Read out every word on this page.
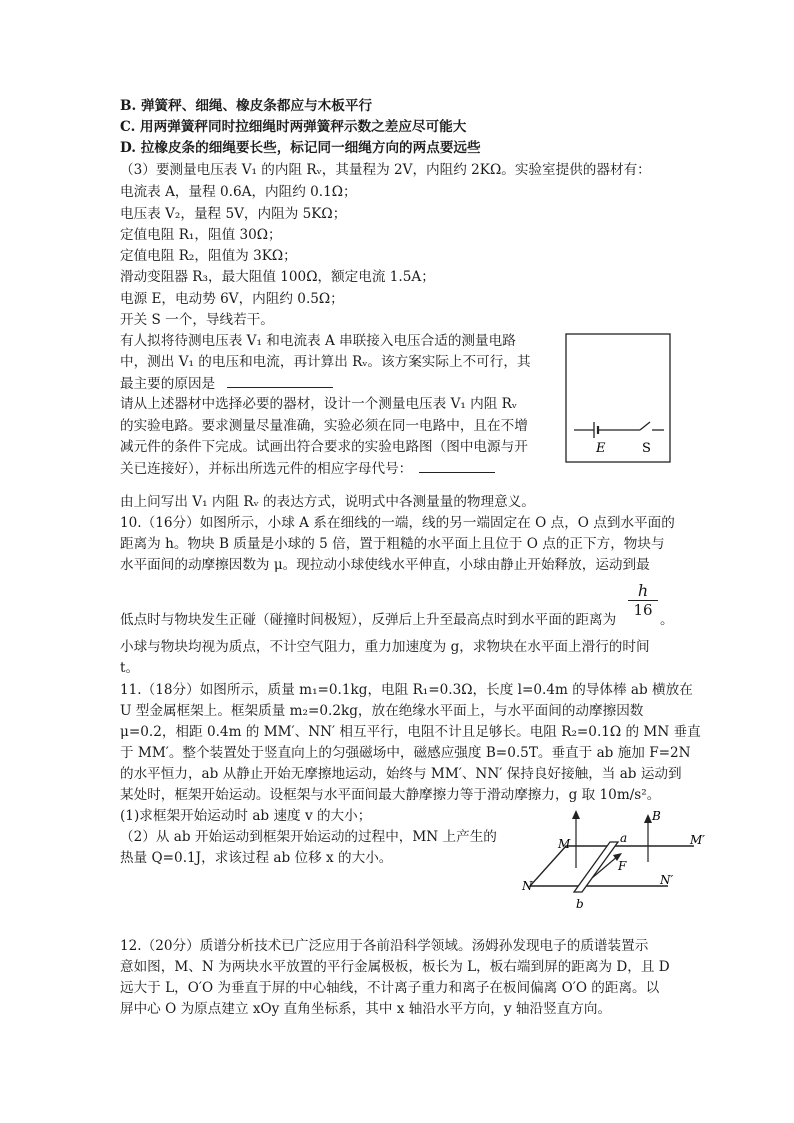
B. 弹簧秤、细绳、橡皮条都应与木板平行
C. 用两弹簧秤同时拉细绳时两弹簧秤示数之差应尽可能大
D. 拉橡皮条的细绳要长些，标记同一细绳方向的两点要远些
（3）要测量电压表 V₁ 的内阻 Rᵥ，其量程为 2V，内阻约 2KΩ。实验室提供的器材有：
电流表 A，量程 0.6A，内阻约 0.1Ω；
电压表 V₂，量程 5V，内阻为 5KΩ；
定值电阻 R₁，阻值 30Ω；
定值电阻 R₂，阻值为 3KΩ；
滑动变阻器 R₃，最大阻值 100Ω，额定电流 1.5A；
电源 E，电动势 6V，内阻约 0.5Ω；
开关 S 一个，导线若干。
有人拟将待测电压表 V₁ 和电流表 A 串联接入电压合适的测量电路
中，测出 V₁ 的电压和电流，再计算出 Rᵥ。该方案实际上不可行，其
最主要的原因是
请从上述器材中选择必要的器材，设计一个测量电压表 V₁ 内阻 Rᵥ
的实验电路。要求测量尽量准确，实验必须在同一电路中，且在不增
减元件的条件下完成。试画出符合要求的实验电路图（图中电源与开
关已连接好），并标出所选元件的相应字母代号：
E	S
由上问写出 V₁ 内阻 Rᵥ 的表达方式，说明式中各测量量的物理意义。
10.（16分）如图所示，小球 A 系在细线的一端，线的另一端固定在 O 点，O 点到水平面的
距离为 h。物块 B 质量是小球的 5 倍，置于粗糙的水平面上且位于 O 点的正下方，物块与
水平面间的动摩擦因数为 μ。现拉动小球使线水平伸直，小球由静止开始释放，运动到最
低点时与物块发生正碰（碰撞时间极短），反弹后上升至最高点时到水平面的距离为
$\frac{h}{16}$
。
小球与物块均视为质点，不计空气阻力，重力加速度为 g，求物块在水平面上滑行的时间
t。
11.（18分）如图所示，质量 m₁=0.1kg，电阻 R₁=0.3Ω，长度 l=0.4m 的导体棒 ab 横放在
U 型金属框架上。框架质量 m₂=0.2kg，放在绝缘水平面上，与水平面间的动摩擦因数
μ=0.2，相距 0.4m 的 MM′、NN′ 相互平行，电阻不计且足够长。电阻 R₂=0.1Ω 的 MN 垂直
于 MM′。整个装置处于竖直向上的匀强磁场中，磁感应强度 B=0.5T。垂直于 ab 施加 F=2N
的水平恒力，ab 从静止开始无摩擦地运动，始终与 MM′、NN′ 保持良好接触，当 ab 运动到
某处时，框架开始运动。设框架与水平面间最大静摩擦力等于滑动摩擦力，g 取 10m/s²。
(1)求框架开始运动时 ab 速度 v 的大小；
（2）从 ab 开始运动到框架开始运动的过程中，MN 上产生的
热量 Q=0.1J，求该过程 ab 位移 x 的大小。
M	M′
N	N′
a
b
B
F
12.（20分）质谱分析技术已广泛应用于各前沿科学领域。汤姆孙发现电子的质谱装置示
意如图，M、N 为两块水平放置的平行金属极板，板长为 L，板右端到屏的距离为 D，且 D
远大于 L，O′O 为垂直于屏的中心轴线，不计离子重力和离子在板间偏离 O′O 的距离。以
屏中心 O 为原点建立 xOy 直角坐标系，其中 x 轴沿水平方向，y 轴沿竖直方向。
